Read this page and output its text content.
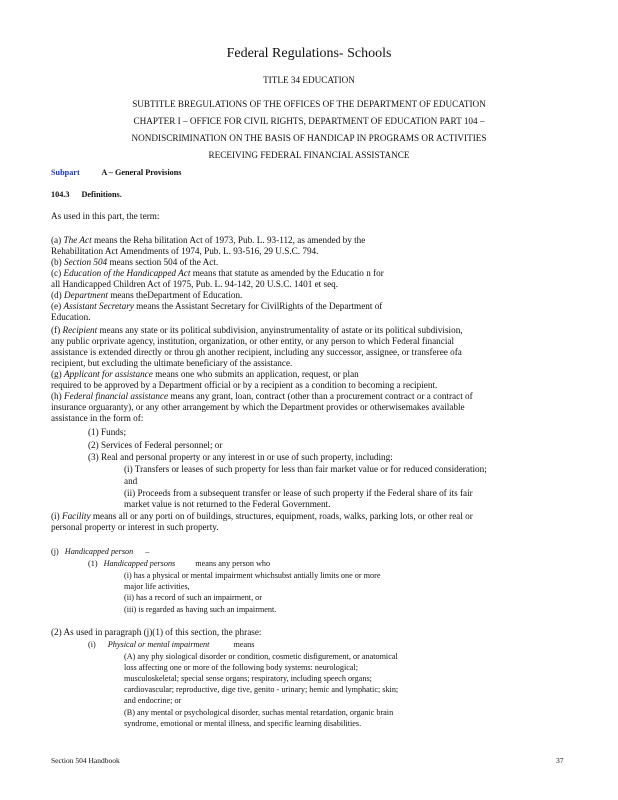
Federal Regulations- Schools
TITLE 34 EDUCATION
SUBTITLE BREGULATIONS OF THE OFFICES OF THE DEPARTMENT OF EDUCATION
CHAPTER I – OFFICE FOR CIVIL RIGHTS, DEPARTMENT OF EDUCATION PART 104 –
NONDISCRIMINATION ON THE BASIS OF HANDICAP IN PROGRAMS OR ACTIVITIES
RECEIVING FEDERAL FINANCIAL ASSISTANCE
Subpart	A – General Provisions
104.3 Definitions.
As used in this part, the term:
(a) The Act means the Reha bilitation Act of 1973, Pub. L. 93-112, as amended by the
Rehabilitation Act Amendments of 1974, Pub. L. 93-516, 29 U.S.C. 794.
(b) Section 504 means section 504 of the Act.
(c) Education of the Handicapped Act means that statute as amended by the Educatio n for
all Handicapped Children Act of 1975, Pub. L. 94-142, 20 U.S.C. 1401 et seq.
(d) Department means theDepartment of Education.
(e) Assistant Secretary means the Assistant Secretary for CivilRights of the Department of
Education.
(f) Recipient means any state or its political subdivision, anyinstrumentality of astate or its political subdivision,
any public orprivate agency, institution, organization, or other entity, or any person to which Federal financial
assistance is extended directly or throu gh another recipient, including any successor, assignee, or transferee ofa
recipient, but excluding the ultimate beneficiary of the assistance.
(g) Applicant for assistance means one who submits an application, request, or plan
required to be approved by a Department official or by a recipient as a condition to becoming a recipient.
(h) Federal financial assistance means any grant, loan, contract (other than a procurement contract or a contract of
insurance orguaranty), or any other arrangement by which the Department provides or otherwisemakes available
assistance in the form of:
(1) Funds;
(2) Services of Federal personnel; or
(3) Real and personal property or any interest in or use of such property, including:
(i) Transfers or leases of such property for less than fair market value or for reduced consideration;
and
(ii) Proceeds from a subsequent transfer or lease of such property if the Federal share of its fair
market value is not returned to the Federal Government.
(i) Facility means all or any porti on of buildings, structures, equipment, roads, walks, parking lots, or other real or
personal property or interest in such property.
(j) Handicapped person –
(1) Handicapped persons means any person who
(i) has a physical or mental impairment whichsubst antially limits one or more
major life activities,
(ii) has a record of such an impairment, or
(iii) is regarded as having such an impairment.
(2) As used in paragraph (j)(1) of this section, the phrase:
(i) Physical or mental impairment	means
(A) any phy siological disorder or condition, cosmetic disfigurement, or anatomical
loss affecting one or more of the following body systems: neurological;
musculoskeletal; special sense organs; respiratory, including speech organs;
cardiovascular; reproductive, dige tive, genito - urinary; hemic and lymphatic; skin;
and endocrine; or
(B) any mental or psychological disorder, suchas mental retardation, organic brain
syndrome, emotional or mental illness, and specific learning disabilities.
Section 504 Handbook	37
